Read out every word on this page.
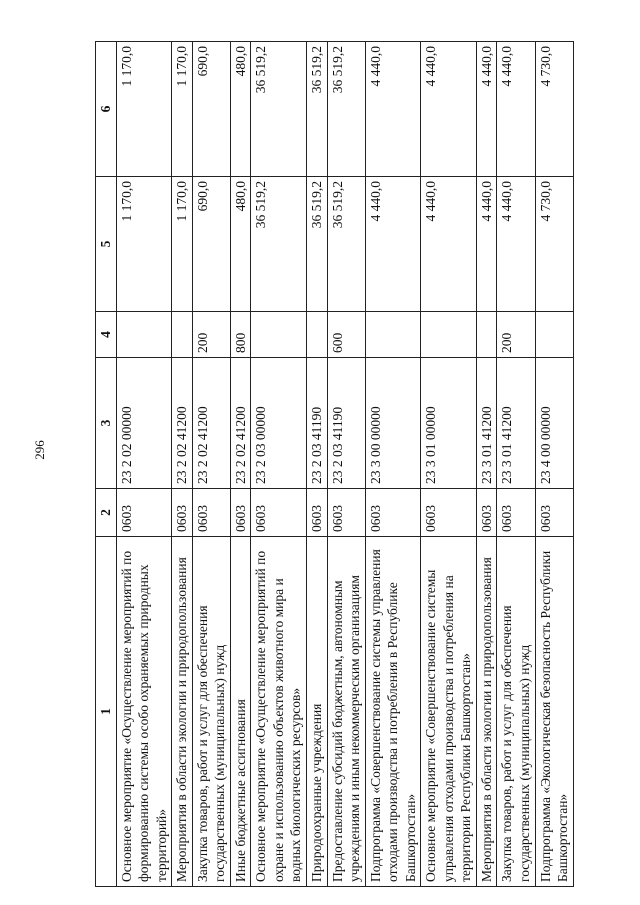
296
1	2	3	4	5	6
Основное мероприятие «Осуществление мероприятий по формированию системы особо охраняемых природных территорий»	0603	23 2 02 00000		1 170,0	1 170,0
Мероприятия в области экологии и природопользования	0603	23 2 02 41200		1 170,0	1 170,0
Закупка товаров, работ и услуг для обеспечения государственных (муниципальных) нужд	0603	23 2 02 41200	200	690,0	690,0
Иные бюджетные ассигнования	0603	23 2 02 41200	800	480,0	480,0
Основное мероприятие «Осуществление мероприятий по охране и использованию объектов животного мира и водных биологических ресурсов»	0603	23 2 03 00000		36 519,2	36 519,2
Природоохранные учреждения	0603	23 2 03 41190		36 519,2	36 519,2
Предоставление субсидий бюджетным, автономным учреждениям и иным некоммерческим организациям	0603	23 2 03 41190	600	36 519,2	36 519,2
Подпрограмма «Совершенствование системы управления отходами производства и потребления в Республике Башкортостан»	0603	23 3 00 00000		4 440,0	4 440,0
Основное мероприятие «Совершенствование системы управления отходами производства и потребления на территории Республики Башкортостан»	0603	23 3 01 00000		4 440,0	4 440,0
Мероприятия в области экологии и природопользования	0603	23 3 01 41200		4 440,0	4 440,0
Закупка товаров, работ и услуг для обеспечения государственных (муниципальных) нужд	0603	23 3 01 41200	200	4 440,0	4 440,0
Подпрограмма «Экологическая безопасность Республики Башкортостан»	0603	23 4 00 00000		4 730,0	4 730,0
